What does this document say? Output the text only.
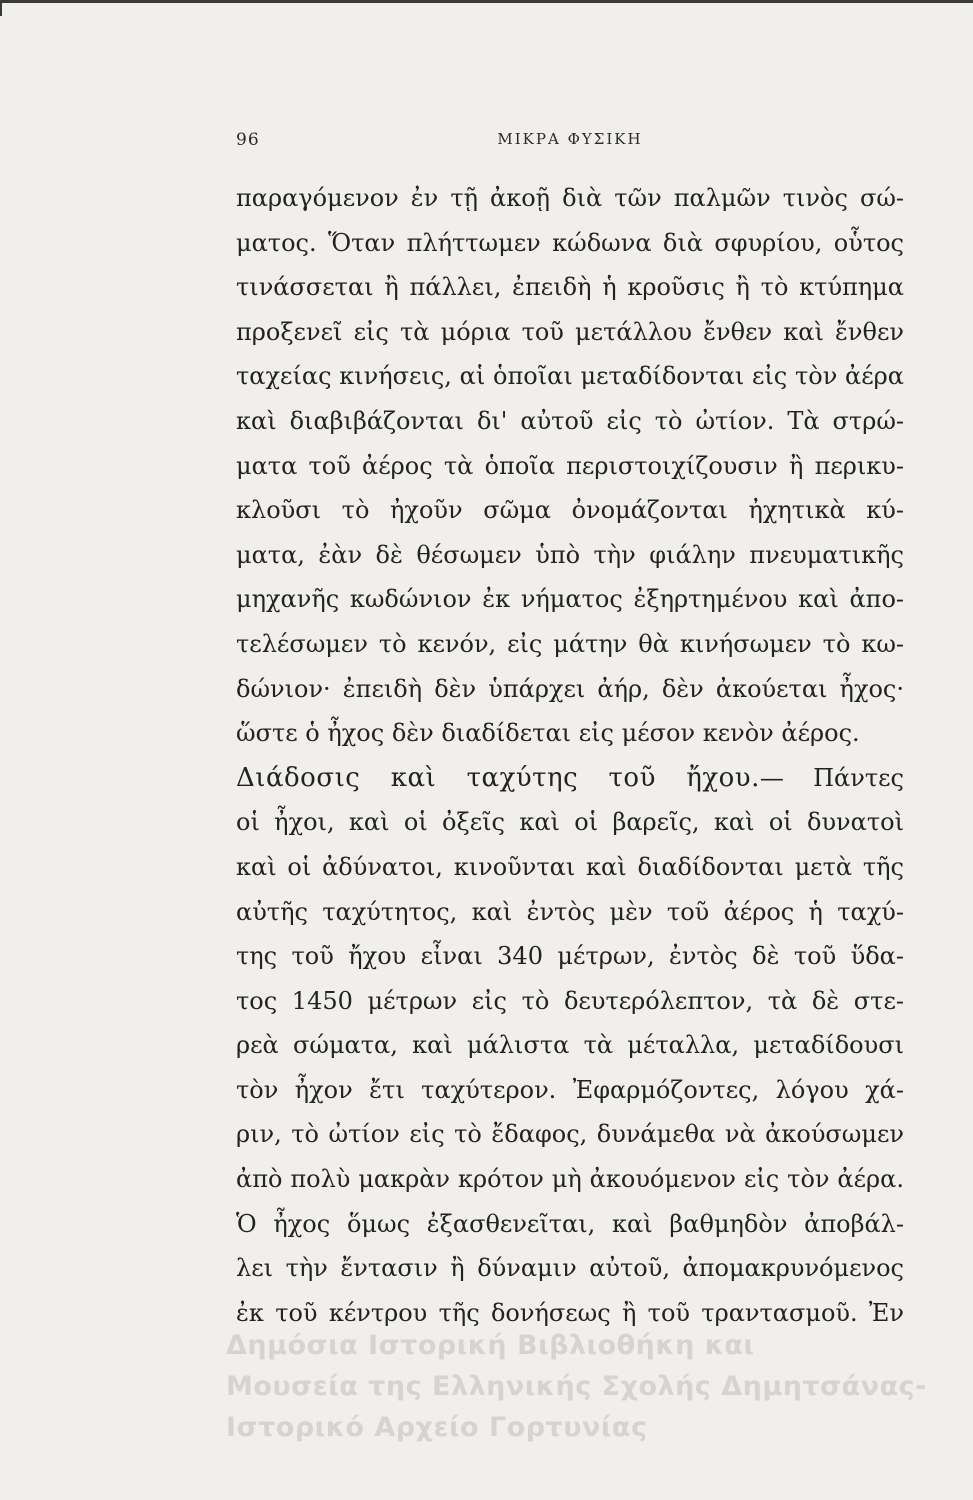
96	ΜΙΚΡΑ ΦΥΣΙΚΗ
παραγόμενον ἐν τῇ ἀκοῇ διὰ τῶν παλμῶν τινὸς σώ-
ματος. Ὅταν πλήττωμεν κώδωνα διὰ σφυρίου, οὗτος
τινάσσεται ἢ πάλλει, ἐπειδὴ ἡ κροῦσις ἢ τὸ κτύπημα
προξενεῖ εἰς τὰ μόρια τοῦ μετάλλου ἔνθεν καὶ ἔνθεν
ταχείας κινήσεις, αἱ ὁποῖαι μεταδίδονται εἰς τὸν ἀέρα
καὶ διαβιβάζονται δι' αὐτοῦ εἰς τὸ ὠτίον. Τὰ στρώ-
ματα τοῦ ἀέρος τὰ ὁποῖα περιστοιχίζουσιν ἢ περικυ-
κλοῦσι τὸ ἠχοῦν σῶμα ὀνομάζονται ἠχητικὰ κύ-
ματα, ἐὰν δὲ θέσωμεν ὑπὸ τὴν φιάλην πνευματικῆς
μηχανῆς κωδώνιον ἐκ νήματος ἐξηρτημένου καὶ ἀπο-
τελέσωμεν τὸ κενόν, εἰς μάτην θὰ κινήσωμεν τὸ κω-
δώνιον· ἐπειδὴ δὲν ὑπάρχει ἀήρ, δὲν ἀκούεται ἦχος·
ὥστε ὁ ἦχος δὲν διαδίδεται εἰς μέσον κενὸν ἀέρος.
Διάδοσις καὶ ταχύτης τοῦ ἤχου.— Πάντες
οἱ ἦχοι, καὶ οἱ ὀξεῖς καὶ οἱ βαρεῖς, καὶ οἱ δυνατοὶ
καὶ οἱ ἀδύνατοι, κινοῦνται καὶ διαδίδονται μετὰ τῆς
αὐτῆς ταχύτητος, καὶ ἐντὸς μὲν τοῦ ἀέρος ἡ ταχύ-
της τοῦ ἤχου εἶναι 340 μέτρων, ἐντὸς δὲ τοῦ ὕδα-
τος 1450 μέτρων εἰς τὸ δευτερόλεπτον, τὰ δὲ στε-
ρεὰ σώματα, καὶ μάλιστα τὰ μέταλλα, μεταδίδουσι
τὸν ἦχον ἔτι ταχύτερον. Ἐφαρμόζοντες, λόγου χά-
ριν, τὸ ὠτίον εἰς τὸ ἔδαφος, δυνάμεθα νὰ ἀκούσωμεν
ἀπὸ πολὺ μακρὰν κρότον μὴ ἀκουόμενον εἰς τὸν ἀέρα.
Ὁ ἦχος ὅμως ἐξασθενεῖται, καὶ βαθμηδὸν ἀποβάλ-
λει τὴν ἔντασιν ἢ δύναμιν αὐτοῦ, ἀπομακρυνόμενος
ἐκ τοῦ κέντρου τῆς δονήσεως ἢ τοῦ τραντασμοῦ. Ἐν
Δημόσια Ιστορική Βιβλιοθήκη και
Μουσεία της Ελληνικής Σχολής Δημητσάνας-
Ιστορικό Αρχείο Γορτυνίας
